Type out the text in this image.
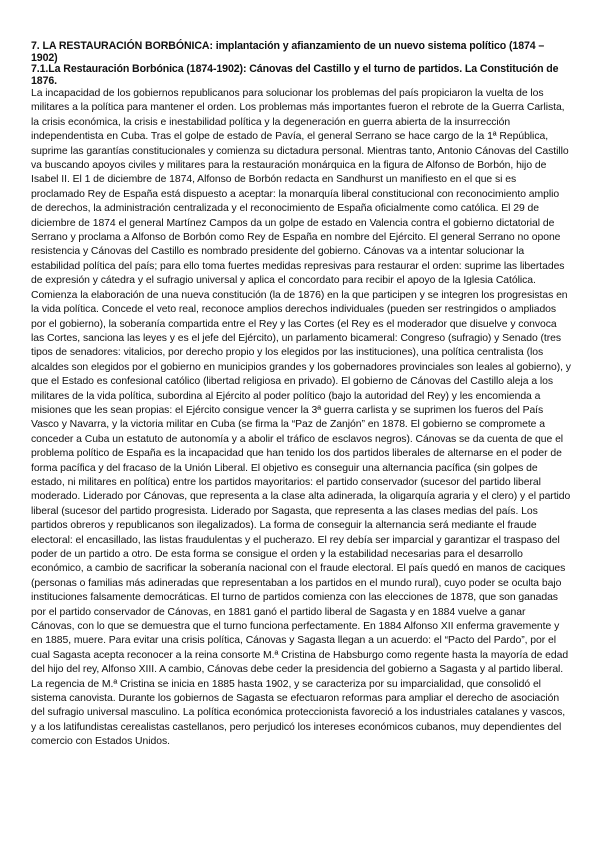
7. LA RESTAURACIÓN BORBÓNICA: implantación y afianzamiento de un nuevo sistema político (1874 – 1902)

7.1.La Restauración Borbónica (1874-1902): Cánovas del Castillo y el turno de partidos. La Constitución de 1876.

La incapacidad de los gobiernos republicanos para solucionar los problemas del país propiciaron la vuelta de los militares a la política para mantener el orden. Los problemas más importantes fueron el rebrote de la Guerra Carlista, la crisis económica, la crisis e inestabilidad política y la degeneración en guerra abierta de la insurrección independentista en Cuba. Tras el golpe de estado de Pavía, el general Serrano se hace cargo de la 1ª República, suprime las garantías constitucionales y comienza su dictadura personal. Mientras tanto, Antonio Cánovas del Castillo va buscando apoyos civiles y militares para la restauración monárquica en la figura de Alfonso de Borbón, hijo de Isabel II. El 1 de diciembre de 1874, Alfonso de Borbón redacta en Sandhurst un manifiesto en el que si es proclamado Rey de España está dispuesto a aceptar: la monarquía liberal constitucional con reconocimiento amplio de derechos, la administración centralizada y el reconocimiento de España oficialmente como católica. El 29 de diciembre de 1874 el general Martínez Campos da un golpe de estado en Valencia contra el gobierno dictatorial de Serrano y proclama a Alfonso de Borbón como Rey de España en nombre del Ejército. El general Serrano no opone resistencia y Cánovas del Castillo es nombrado presidente del gobierno. Cánovas va a intentar solucionar la estabilidad política del país; para ello toma fuertes medidas represivas para restaurar el orden: suprime las libertades de expresión y cátedra y el sufragio universal y aplica el concordato para recibir el apoyo de la Iglesia Católica. Comienza la elaboración de una nueva constitución (la de 1876) en la que participen y se integren los progresistas en la vida política. Concede el veto real, reconoce amplios derechos individuales (pueden ser restringidos o ampliados por el gobierno), la soberanía compartida entre el Rey y las Cortes (el Rey es el moderador que disuelve y convoca las Cortes, sanciona las leyes y es el jefe del Ejército), un parlamento bicameral: Congreso (sufragio) y Senado (tres tipos de senadores: vitalicios, por derecho propio y los elegidos por las instituciones), una política centralista (los alcaldes son elegidos por el gobierno en municipios grandes y los gobernadores provinciales son leales al gobierno), y que el Estado es confesional católico (libertad religiosa en privado). El gobierno de Cánovas del Castillo aleja a los militares de la vida política, subordina al Ejército al poder político (bajo la autoridad del Rey) y les encomienda a misiones que les sean propias: el Ejército consigue vencer la 3ª guerra carlista y se suprimen los fueros del País Vasco y Navarra, y la victoria militar en Cuba (se firma la “Paz de Zanjón” en 1878. El gobierno se compromete a conceder a Cuba un estatuto de autonomía y a abolir el tráfico de esclavos negros). Cánovas se da cuenta de que el problema político de España es la incapacidad que han tenido los dos partidos liberales de alternarse en el poder de forma pacífica y del fracaso de la Unión Liberal. El objetivo es conseguir una alternancia pacífica (sin golpes de estado, ni militares en política) entre los partidos mayoritarios: el partido conservador (sucesor del partido liberal moderado. Liderado por Cánovas, que representa a la clase alta adinerada, la oligarquía agraria y el clero) y el partido liberal (sucesor del partido progresista. Liderado por Sagasta, que representa a las clases medias del país. Los partidos obreros y republicanos son ilegalizados). La forma de conseguir la alternancia será mediante el fraude electoral: el encasillado, las listas fraudulentas y el pucherazo. El rey debía ser imparcial y garantizar el traspaso del poder de un partido a otro. De esta forma se consigue el orden y la estabilidad necesarias para el desarrollo económico, a cambio de sacrificar la soberanía nacional con el fraude electoral. El país quedó en manos de caciques (personas o familias más adineradas que representaban a los partidos en el mundo rural), cuyo poder se oculta bajo instituciones falsamente democráticas. El turno de partidos comienza con las elecciones de 1878, que son ganadas por el partido conservador de Cánovas, en 1881 ganó el partido liberal de Sagasta y en 1884 vuelve a ganar Cánovas, con lo que se demuestra que el turno funciona perfectamente. En 1884 Alfonso XII enferma gravemente y en 1885, muere. Para evitar una crisis política, Cánovas y Sagasta llegan a un acuerdo: el “Pacto del Pardo”, por el cual Sagasta acepta reconocer a la reina consorte M.ª Cristina de Habsburgo como regente hasta la mayoría de edad del hijo del rey, Alfonso XIII. A cambio, Cánovas debe ceder la presidencia del gobierno a Sagasta y al partido liberal. La regencia de M.ª Cristina se inicia en 1885 hasta 1902, y se caracteriza por su imparcialidad, que consolidó el sistema canovista. Durante los gobiernos de Sagasta se efectuaron reformas para ampliar el derecho de asociación del sufragio universal masculino. La política económica proteccionista favoreció a los industriales catalanes y vascos, y a los latifundistas cerealistas castellanos, pero perjudicó los intereses económicos cubanos, muy dependientes del comercio con Estados Unidos.
